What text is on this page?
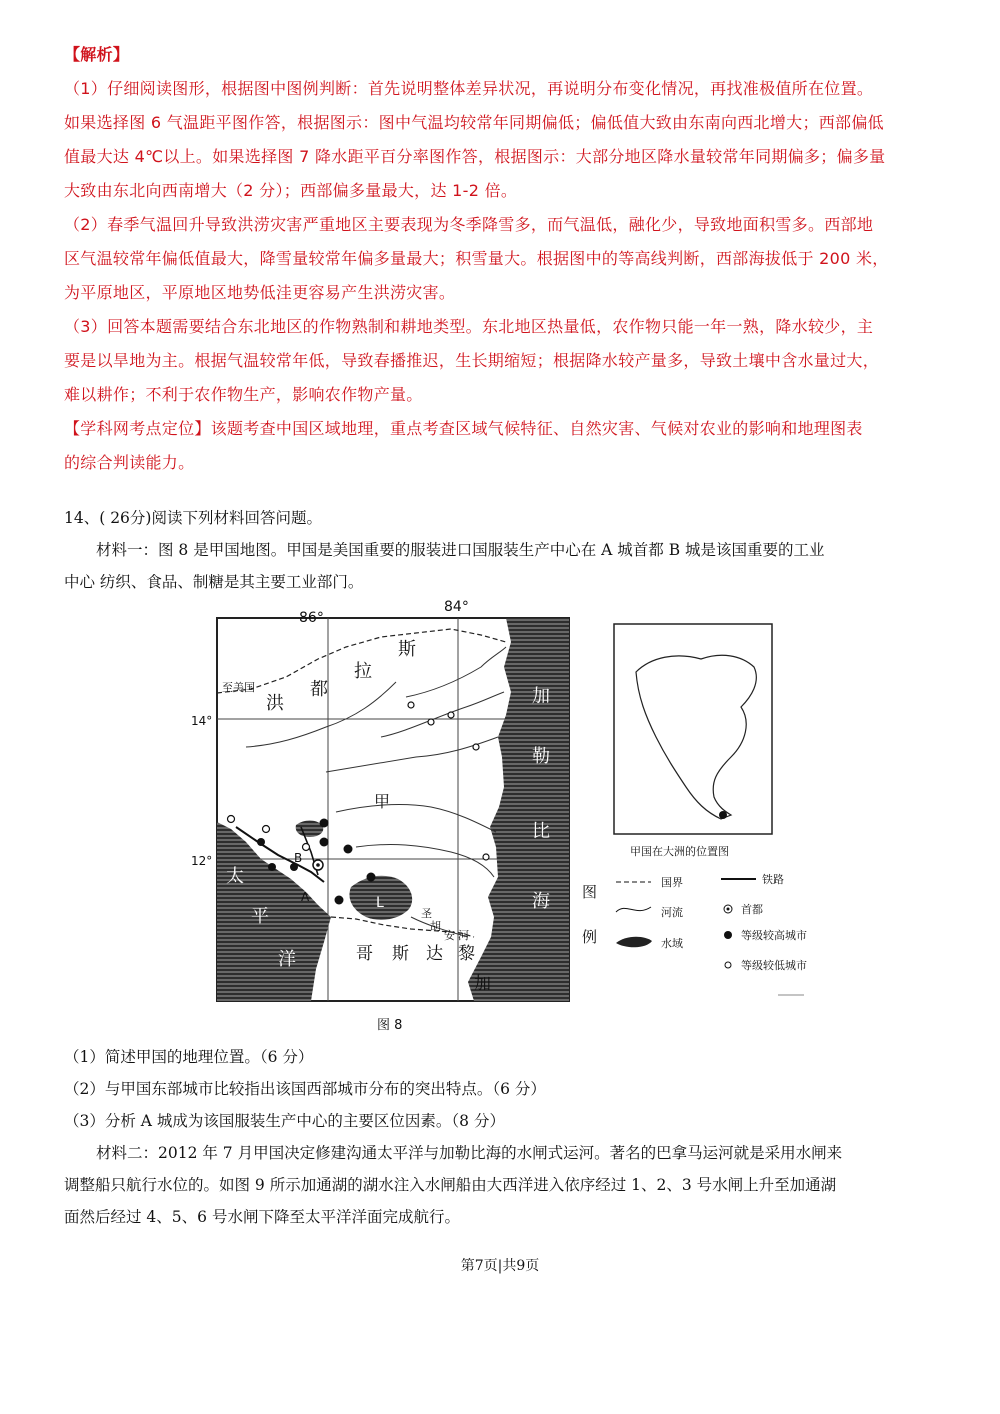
【解析】
（1）仔细阅读图形，根据图中图例判断：首先说明整体差异状况，再说明分布变化情况，再找准极值所在位置。
如果选择图 6 气温距平图作答，根据图示：图中气温均较常年同期偏低；偏低值大致由东南向西北增大；西部偏低
值最大达 4℃以上。如果选择图 7 降水距平百分率图作答，根据图示：大部分地区降水量较常年同期偏多；偏多量
大致由东北向西南增大（2 分）；西部偏多量最大，达 1-2 倍。
（2）春季气温回升导致洪涝灾害严重地区主要表现为冬季降雪多，而气温低，融化少，导致地面积雪多。西部地
区气温较常年偏低值最大，降雪量较常年偏多量最大；积雪量大。根据图中的等高线判断，西部海拔低于 200 米，
为平原地区，平原地区地势低洼更容易产生洪涝灾害。
（3）回答本题需要结合东北地区的作物熟制和耕地类型。东北地区热量低，农作物只能一年一熟，降水较少，主
要是以旱地为主。根据气温较常年低，导致春播推迟，生长期缩短；根据降水较产量多，导致土壤中含水量过大，
难以耕作；不利于农作物生产，影响农作物产量。
【学科网考点定位】该题考查中国区域地理，重点考查区域气候特征、自然灾害、气候对农业的影响和地理图表
的综合判读能力。
14、( 26分)阅读下列材料回答问题。
材料一：图 8 是甲国地图。甲国是美国重要的服装进口国服装生产中心在 A 城首都 B 城是该国重要的工业
中心 纺织、食品、制糖是其主要工业部门。
86°
84°
14°
12°
至美国
洪
都
拉
斯
甲
B
A	L
圣
胡
安 河
加
勒
比
海
太
平
洋	哥 斯 达 黎
加
甲国在大洲的位置图
图
例
国界	铁路
河流	首都
水域
等级较高城市
等级较低城市
图 8
（1）简述甲国的地理位置。（6 分）
（2）与甲国东部城市比较指出该国西部城市分布的突出特点。（6 分）
（3）分析 A 城成为该国服装生产中心的主要区位因素。（8 分）
材料二：2012 年 7 月甲国决定修建沟通太平洋与加勒比海的水闸式运河。著名的巴拿马运河就是采用水闸来
调整船只航行水位的。如图 9 所示加通湖的湖水注入水闸船由大西洋进入依序经过 1、2、3 号水闸上升至加通湖
面然后经过 4、5、6 号水闸下降至太平洋洋面完成航行。
第7页|共9页
